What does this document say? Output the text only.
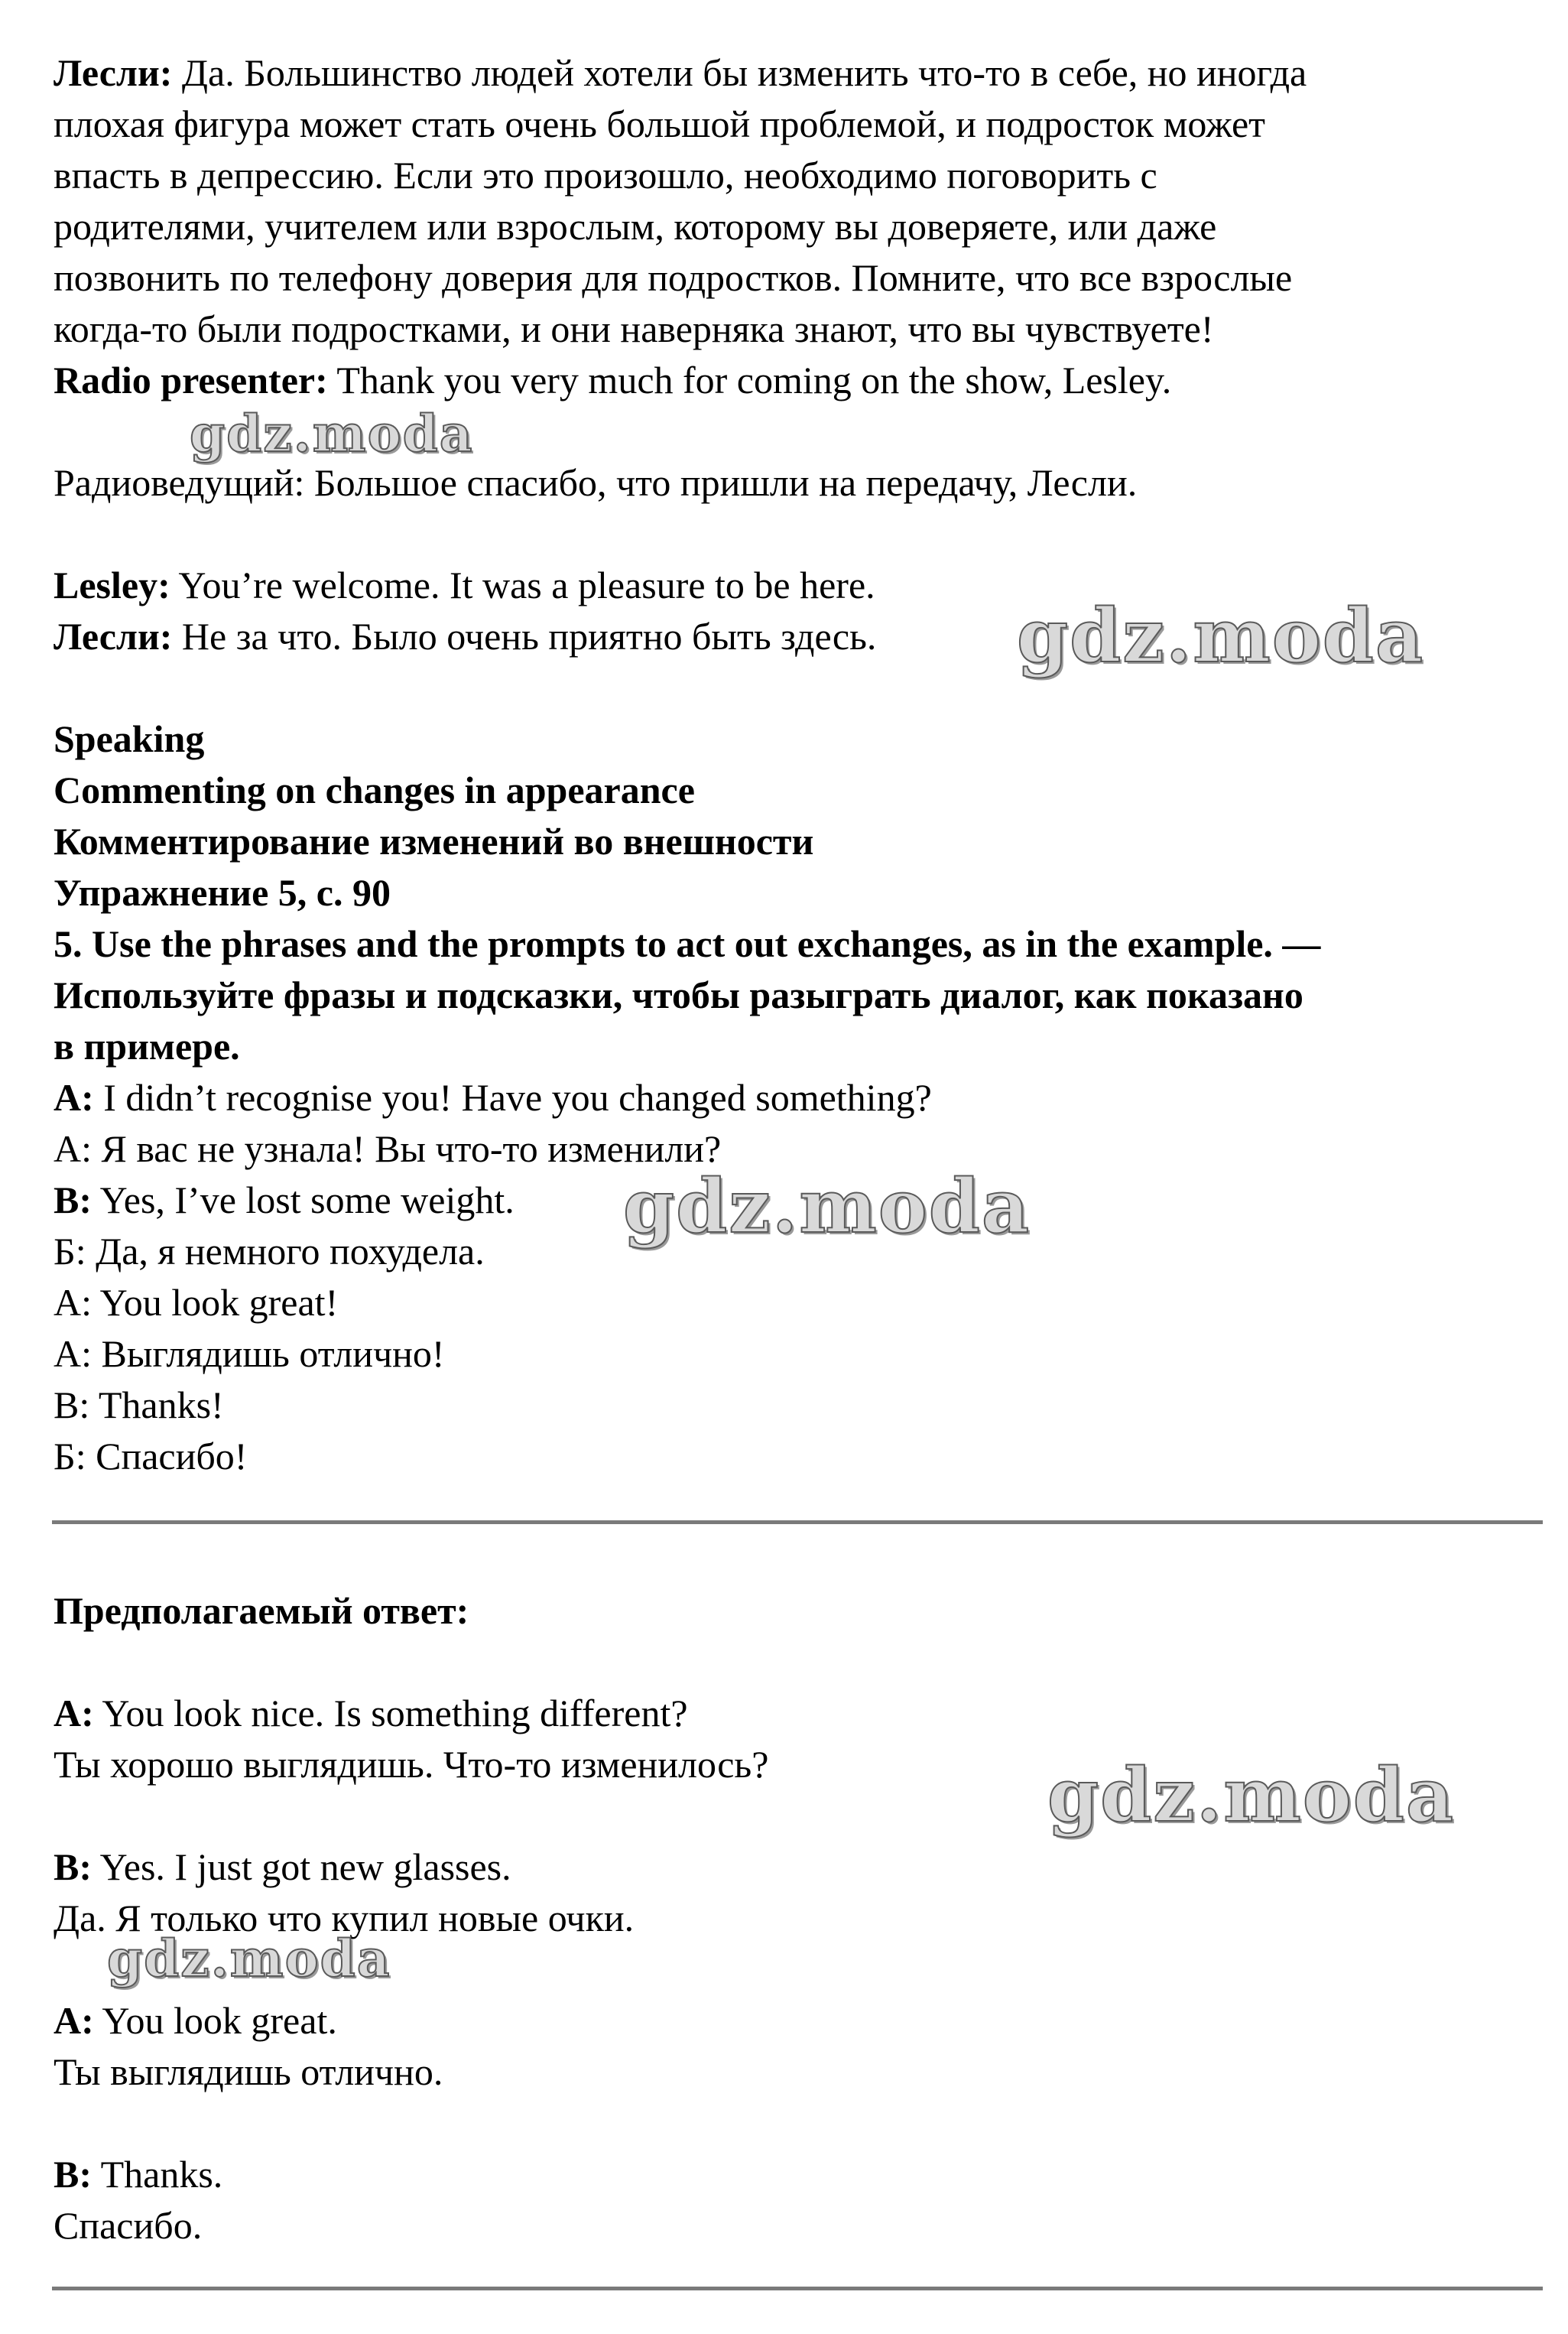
Лесли: Да. Большинство людей хотели бы изменить что-то в себе, но иногда
плохая фигура может стать очень большой проблемой, и подросток может
впасть в депрессию. Если это произошло, необходимо поговорить с
родителями, учителем или взрослым, которому вы доверяете, или даже
позвонить по телефону доверия для подростков. Помните, что все взрослые
когда-то были подростками, и они наверняка знают, что вы чувствуете!
Radio presenter: Thank you very much for coming on the show, Lesley.
Радиоведущий: Большое спасибо, что пришли на передачу, Лесли.
Lesley: You’re welcome. It was a pleasure to be here.
Лесли: Не за что. Было очень приятно быть здесь.
Speaking
Commenting on changes in appearance
Комментирование изменений во внешности
Упражнение 5, с. 90
5. Use the phrases and the prompts to act out exchanges, as in the example. —
Используйте фразы и подсказки, чтобы разыграть диалог, как показано
в примере.
A: I didn’t recognise you! Have you changed something?
А: Я вас не узнала! Вы что-то изменили?
B: Yes, I’ve lost some weight.
Б: Да, я немного похудела.
A: You look great!
А: Выглядишь отлично!
B: Thanks!
Б: Спасибо!
Предполагаемый ответ:
A: You look nice. Is something different?
Ты хорошо выглядишь. Что-то изменилось?
B: Yes. I just got new glasses.
Да. Я только что купил новые очки.
A: You look great.
Ты выглядишь отлично.
B: Thanks.
Спасибо.
gdz.moda
gdz.moda
gdz.moda
gdz.moda
gdz.moda
